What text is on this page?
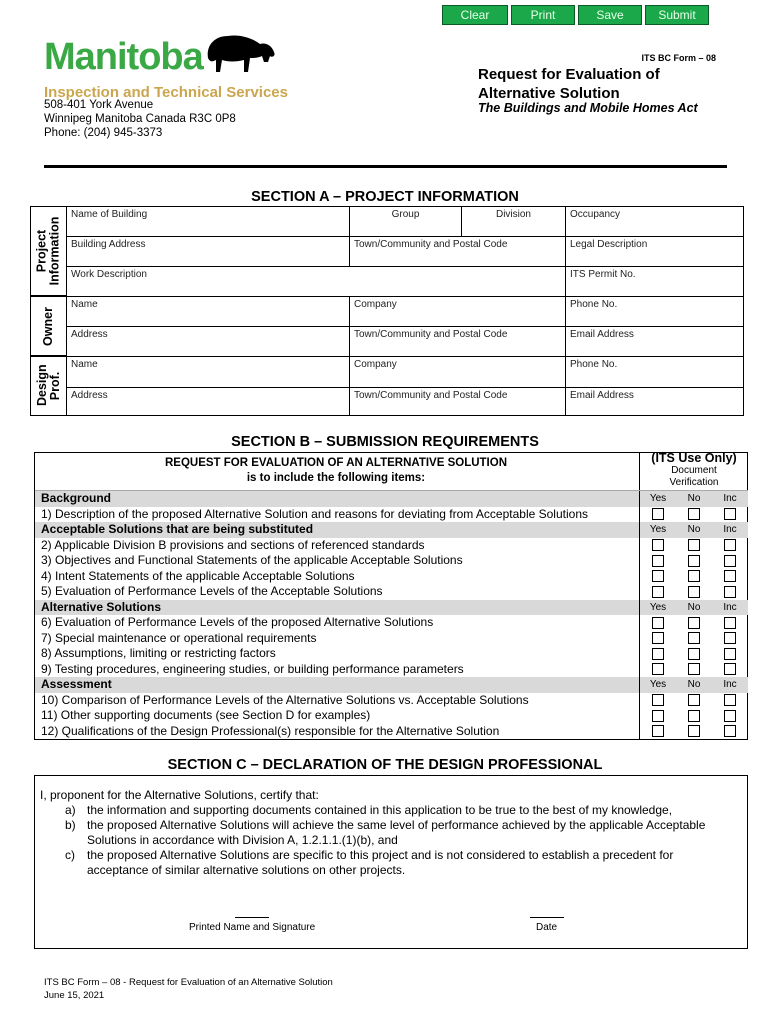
Clear	Print	Save	Submit
Manitoba
Inspection and Technical Services
508-401 York Avenue
Winnipeg Manitoba Canada R3C 0P8
Phone: (204) 945-3373
ITS BC Form – 08
Request for Evaluation of
Alternative Solution
The Buildings and Mobile Homes Act
SECTION A – PROJECT INFORMATION
Project Information
Owner
Design Prof.
Name of Building	Group	Division	Occupancy
Building Address	Town/Community and Postal Code	Legal Description
Work Description	ITS Permit No.
Name	Company	Phone No.
Address	Town/Community and Postal Code	Email Address
Name	Company	Phone No.
Address	Town/Community and Postal Code	Email Address
SECTION B – SUBMISSION REQUIREMENTS
REQUEST FOR EVALUATION OF AN ALTERNATIVE SOLUTION
is to include the following items:
(ITS Use Only)
Document
Verification
Background	Yes No Inc
1) Description of the proposed Alternative Solution and reasons for deviating from Acceptable Solutions
Acceptable Solutions that are being substituted	Yes No Inc
2) Applicable Division B provisions and sections of referenced standards
3) Objectives and Functional Statements of the applicable Acceptable Solutions
4) Intent Statements of the applicable Acceptable Solutions
5) Evaluation of Performance Levels of the Acceptable Solutions
Alternative Solutions	Yes No Inc
6) Evaluation of Performance Levels of the proposed Alternative Solutions
7) Special maintenance or operational requirements
8) Assumptions, limiting or restricting factors
9) Testing procedures, engineering studies, or building performance parameters
Assessment	Yes No Inc
10) Comparison of Performance Levels of the Alternative Solutions vs. Acceptable Solutions
11) Other supporting documents (see Section D for examples)
12) Qualifications of the Design Professional(s) responsible for the Alternative Solution
SECTION C – DECLARATION OF THE DESIGN PROFESSIONAL
I, proponent for the Alternative Solutions, certify that:
a) the information and supporting documents contained in this application to be true to the best of my knowledge,
b) the proposed Alternative Solutions will achieve the same level of performance achieved by the applicable Acceptable
Solutions in accordance with Division A, 1.2.1.1.(1)(b), and
c) the proposed Alternative Solutions are specific to this project and is not considered to establish a precedent for
acceptance of similar alternative solutions on other projects.
Printed Name and Signature	Date
ITS BC Form – 08 - Request for Evaluation of an Alternative Solution
June 15, 2021
